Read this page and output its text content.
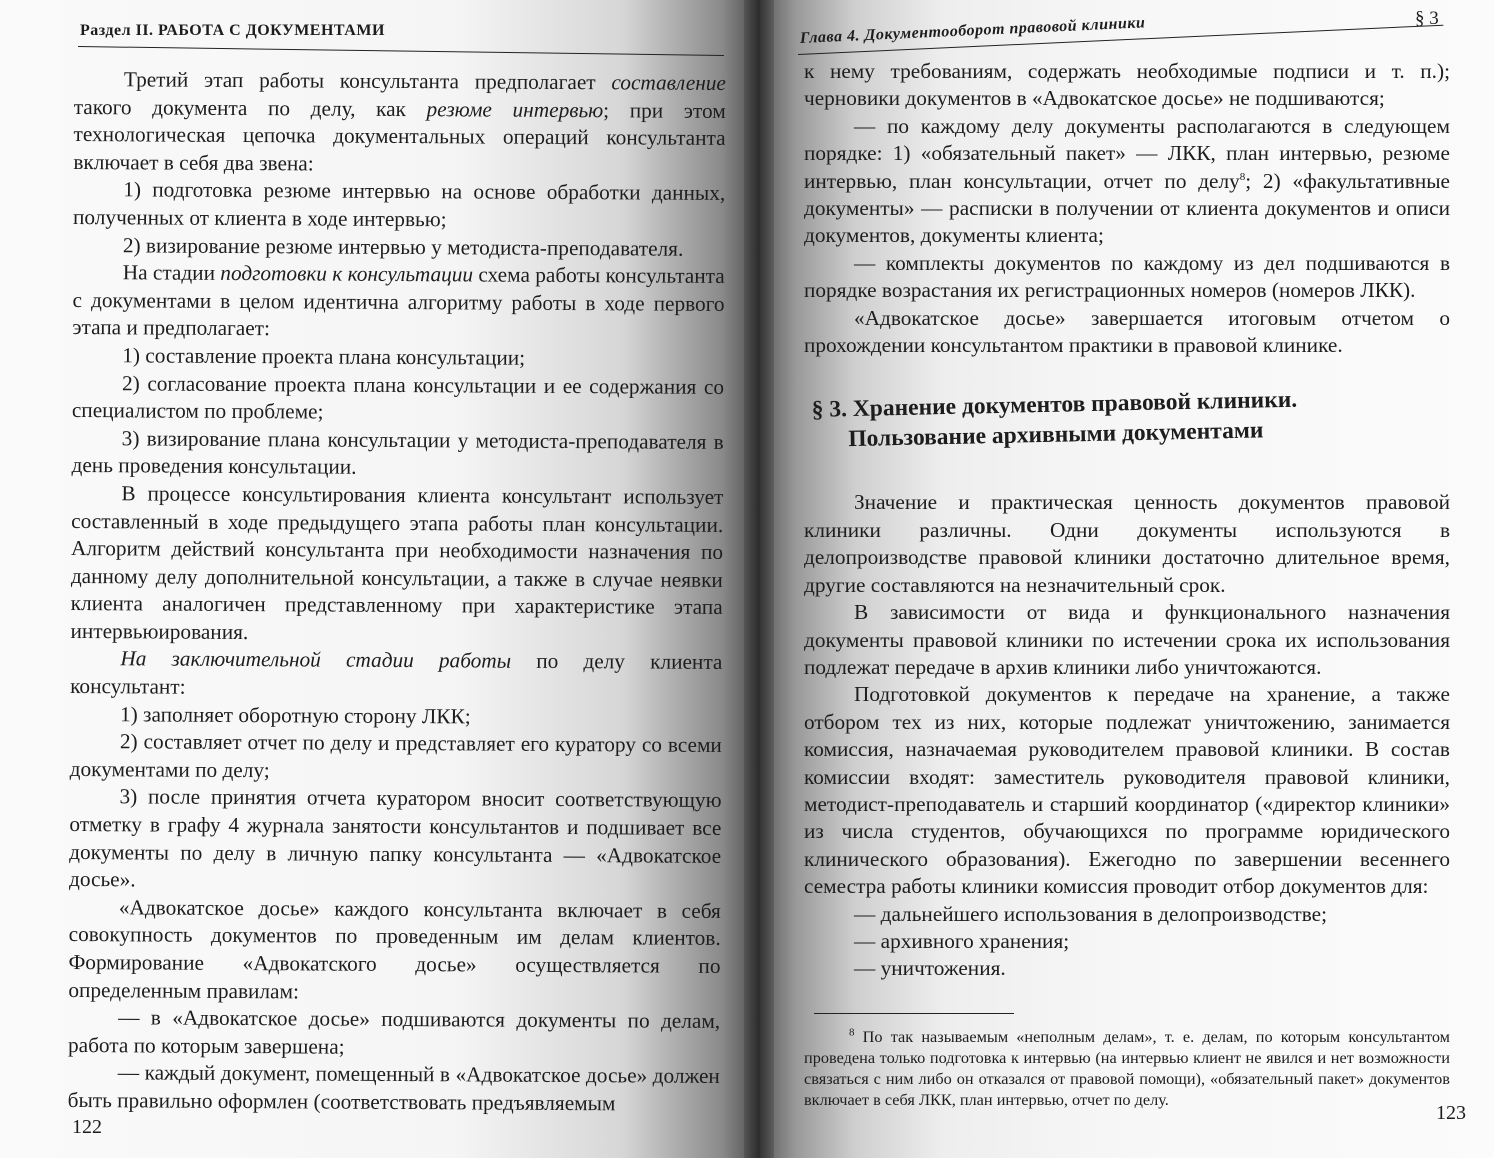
Раздел II. РАБОТА С ДОКУМЕНТАМИ

Третий этап работы консультанта предполагает составление такого документа по делу, как резюме интервью; при этом технологическая цепочка документальных операций консультанта включает в себя два звена:

1) подготовка резюме интервью на основе обработки данных, полученных от клиента в ходе интервью;

2) визирование резюме интервью у методиста-преподавателя.

На стадии подготовки к консультации схема работы консультанта с документами в целом идентична алгоритму работы в ходе первого этапа и предполагает:

1) составление проекта плана консультации;

2) согласование проекта плана консультации и ее содержания со специалистом по проблеме;

3) визирование плана консультации у методиста-преподавателя в день проведения консультации.

В процессе консультирования клиента консультант использует составленный в ходе предыдущего этапа работы план консультации. Алгоритм действий консультанта при необходимости назначения по данному делу дополнительной консультации, а также в случае неявки клиента аналогичен представленному при характеристике этапа интервьюирования.

На заключительной стадии работы по делу клиента консультант:

1) заполняет оборотную сторону ЛКК;

2) составляет отчет по делу и представляет его куратору со всеми документами по делу;

3) после принятия отчета куратором вносит соответствующую отметку в графу 4 журнала занятости консультантов и подшивает все документы по делу в личную папку консультанта — «Адвокатское досье».

«Адвокатское досье» каждого консультанта включает в себя совокупность документов по проведенным им делам клиентов. Формирование «Адвокатского досье» осуществляется по определенным правилам:

— в «Адвокатское досье» подшиваются документы по делам, работа по которым завершена;

— каждый документ, помещенный в «Адвокатское досье» должен быть правильно оформлен (соответствовать предъявляемым

122
Глава 4. Документооборот правовой клиники	§ 3

к нему требованиям, содержать необходимые подписи и т. п.); черновики документов в «Адвокатское досье» не подшиваются;

— по каждому делу документы располагаются в следующем порядке: 1) «обязательный пакет» — ЛКК, план интервью, резюме интервью, план консультации, отчет по делу$^8$; 2) «факультативные документы» — расписки в получении от клиента документов и описи документов, документы клиента;

— комплекты документов по каждому из дел подшиваются в порядке возрастания их регистрационных номеров (номеров ЛКК).

«Адвокатское досье» завершается итоговым отчетом о прохождении консультантом практики в правовой клинике.

§ 3. Хранение документов правовой клиники.
Пользование архивными документами

Значение и практическая ценность документов правовой клиники различны. Одни документы используются в делопроизводстве правовой клиники достаточно длительное время, другие составляются на незначительный срок.

В зависимости от вида и функционального назначения документы правовой клиники по истечении срока их использования подлежат передаче в архив клиники либо уничтожаются.

Подготовкой документов к передаче на хранение, а также отбором тех из них, которые подлежат уничтожению, занимается комиссия, назначаемая руководителем правовой клиники. В состав комиссии входят: заместитель руководителя правовой клиники, методист-преподаватель и старший координатор («директор клиники» из числа студентов, обучающихся по программе юридического клинического образования). Ежегодно по завершении весеннего семестра работы клиники комиссия проводит отбор документов для:

— дальнейшего использования в делопроизводстве;

— архивного хранения;

— уничтожения.

$^8$ По так называемым «неполным делам», т. е. делам, по которым консультантом проведена только подготовка к интервью (на интервью клиент не явился и нет возможности связаться с ним либо он отказался от правовой помощи), «обязательный пакет» документов включает в себя ЛКК, план интервью, отчет по делу.

123
